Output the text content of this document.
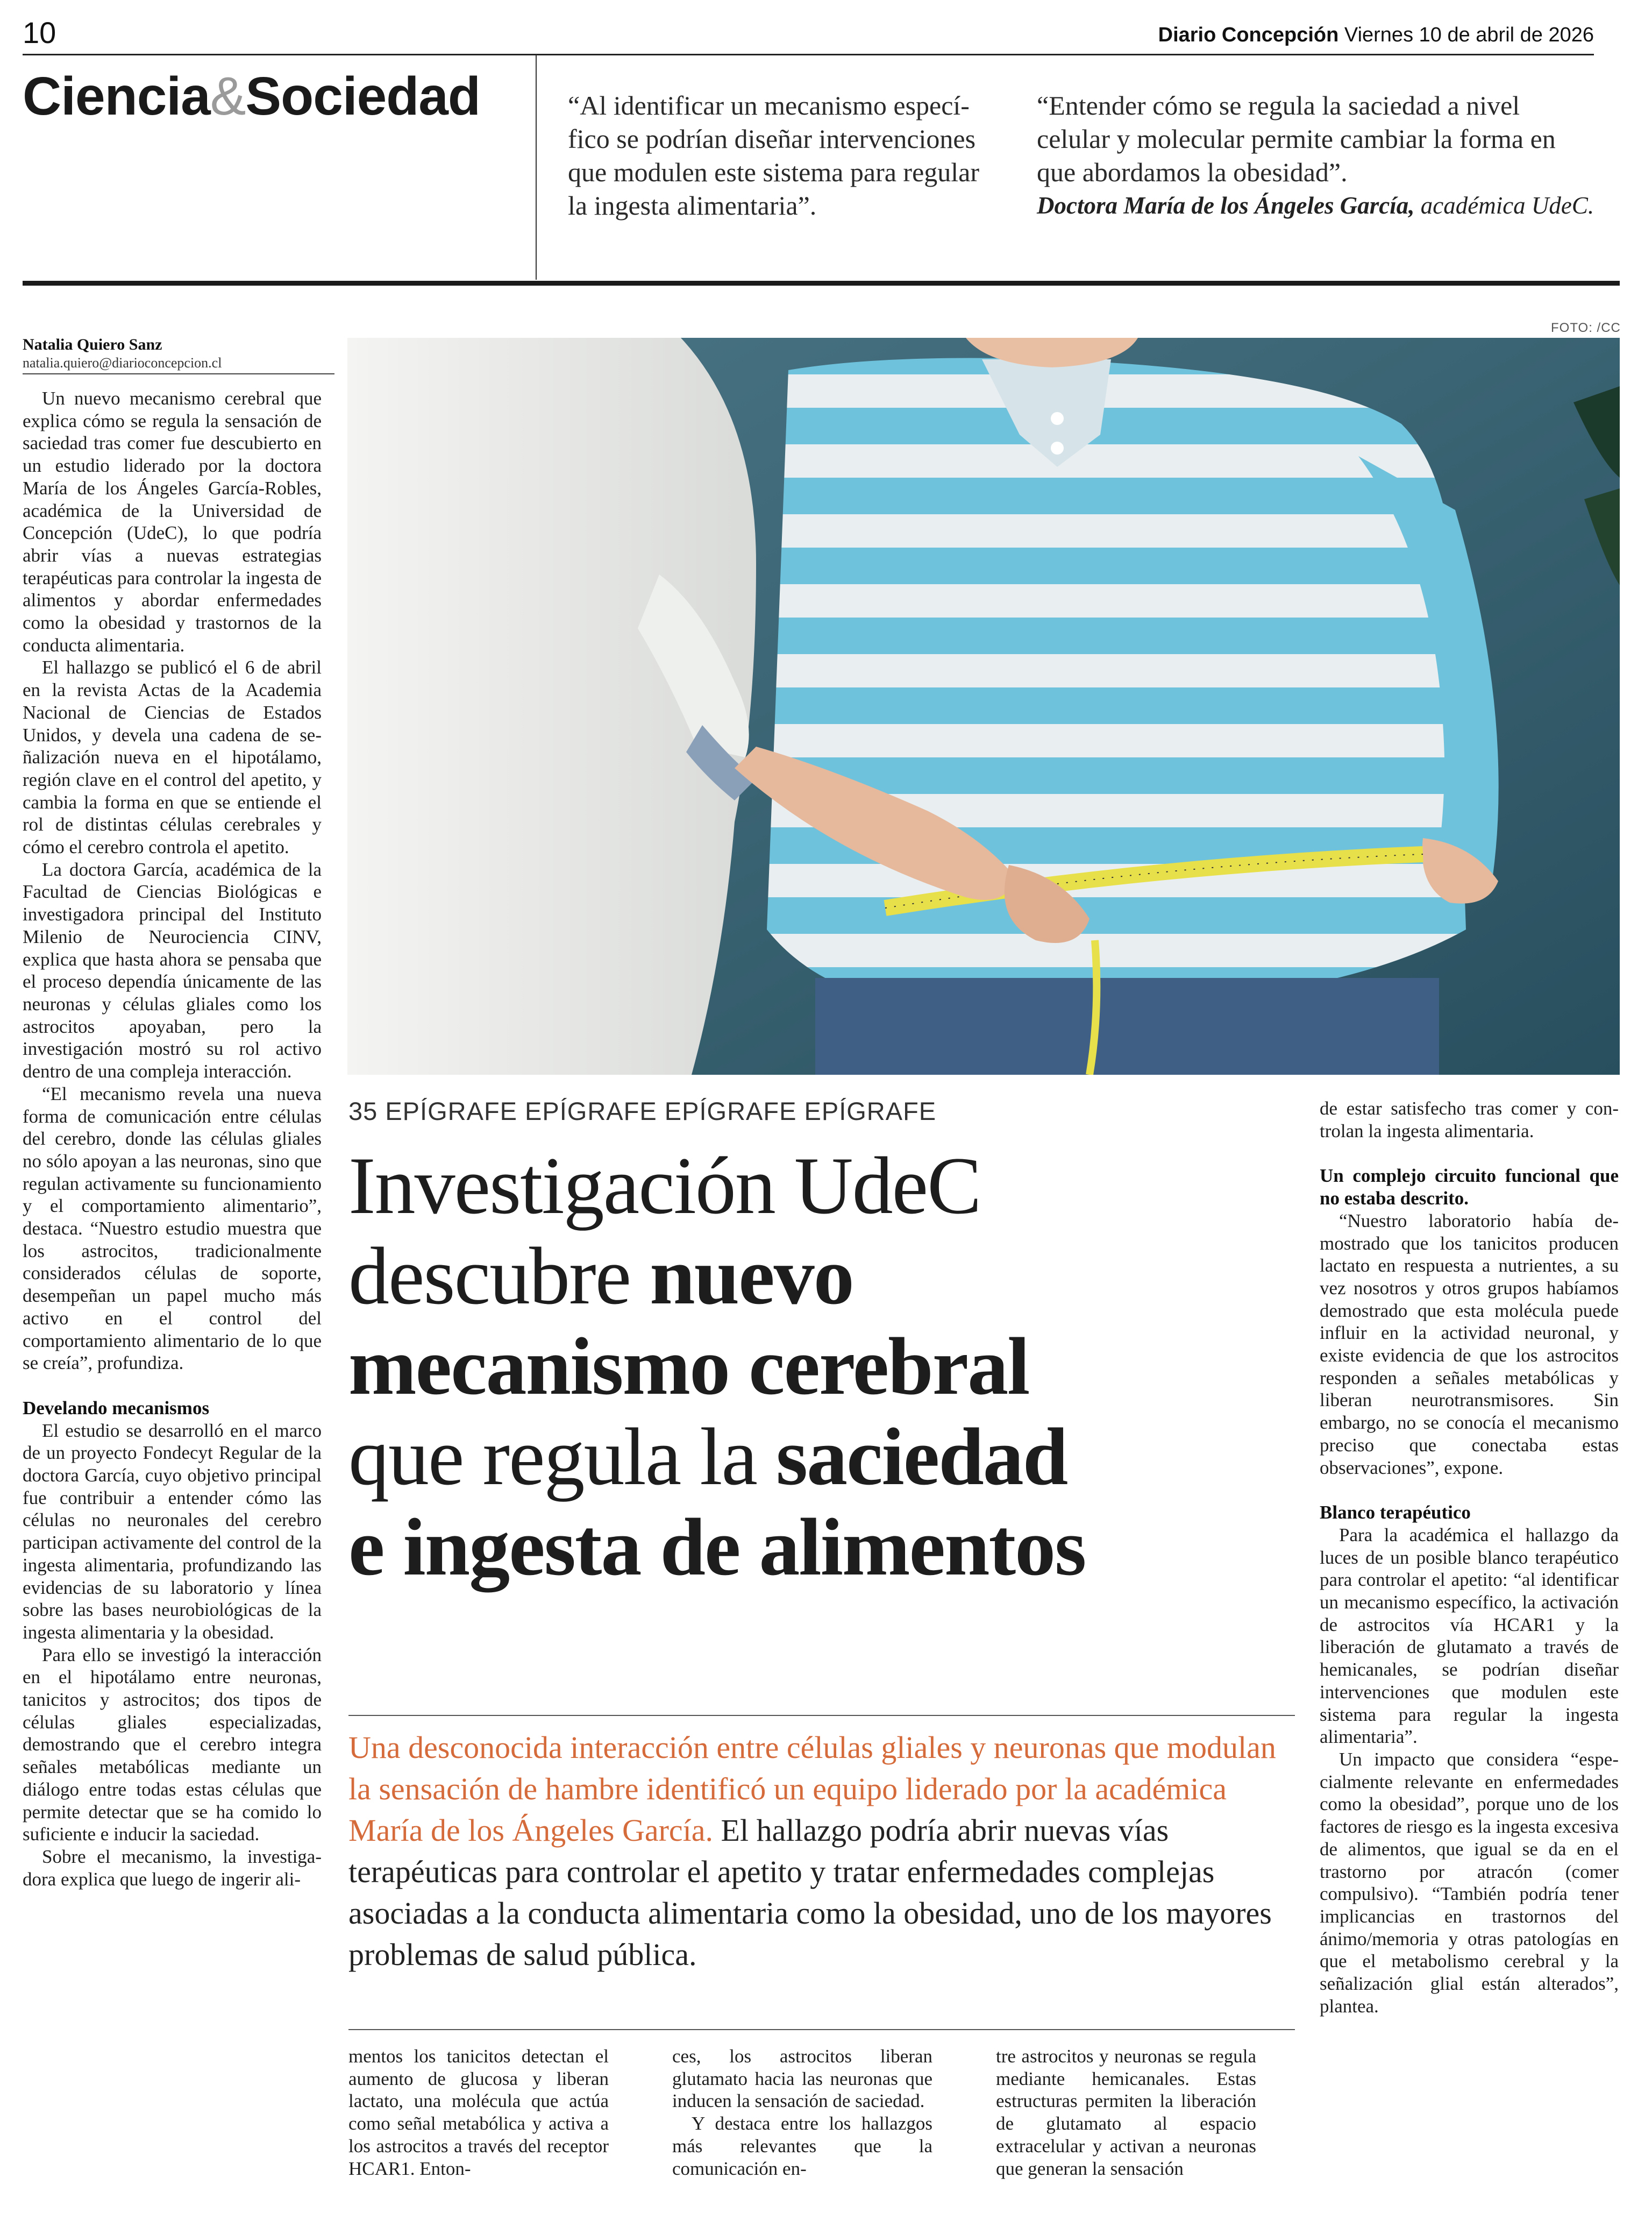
10	Diario Concepción Viernes 10 de abril de 2026
Ciencia&Sociedad	“Al identificar un mecanismo específico se podrían diseñar intervenciones que modulen este sistema para regular la ingesta alimentaria”.
“Entender cómo se regula la saciedad a nivel celular y molecular permite cambiar la forma en que abordamos la obesidad”.
Doctora María de los Ángeles García, académica UdeC.
Natalia Quiero Sanz
natalia.quiero@diarioconcepcion.cl

Un nuevo mecanismo cerebral que explica cómo se regula la sensación de saciedad tras comer fue descubierto en un estudio liderado por la doctora María de los Ángeles García-Robles, académica de la Universidad de Concepción (UdeC), lo que podría abrir vías a nuevas estrategias terapéuticas para controlar la ingesta de alimentos y abordar enfermedades como la obesidad y trastornos de la conducta alimentaria.

El hallazgo se publicó el 6 de abril en la revista Actas de la Academia Nacional de Ciencias de Estados Unidos, y devela una cadena de señalización nueva en el hipotálamo, región clave en el control del apetito, y cambia la forma en que se entiende el rol de distintas células cerebrales y cómo el cerebro controla el apetito.

La doctora García, académica de la Facultad de Ciencias Biológicas e investigadora principal del Instituto Milenio de Neurociencia CINV, explica que hasta ahora se pensaba que el proceso dependía únicamente de las neuronas y células gliales como los astrocitos apoyaban, pero la investigación mostró su rol activo dentro de una compleja interacción.

“El mecanismo revela una nueva forma de comunicación entre células del cerebro, donde las células gliales no sólo apoyan a las neuronas, sino que regulan activamente su funcionamiento y el comportamiento alimentario”, destaca. “Nuestro estudio muestra que los astrocitos, tradicionalmente considerados células de soporte, desempeñan un papel mucho más activo en el control del comportamiento alimentario de lo que se creía”, profundiza.

Develando mecanismos

El estudio se desarrolló en el marco de un proyecto Fondecyt Regular de la doctora García, cuyo objetivo principal fue contribuir a entender cómo las células no neuronales del cerebro participan activamente del control de la ingesta alimentaria, profundizando las evidencias de su laboratorio y línea sobre las bases neurobiológicas de la ingesta alimentaria y la obesidad.

Para ello se investigó la interacción en el hipotálamo entre neuronas, tanicitos y astrocitos; dos tipos de células gliales especializadas, demostrando que el cerebro integra señales metabólicas mediante un diálogo entre todas estas células que permite detectar que se ha comido lo suficiente e inducir la saciedad.

Sobre el mecanismo, la investigadora explica que luego de ingerir ali-

FOTO: /CC
35 EPÍGRAFE EPÍGRAFE EPÍGRAFE EPÍGRAFE
Investigación UdeC
descubre nuevo
mecanismo cerebral
que regula la saciedad
e ingesta de alimentos
Una desconocida interacción entre células gliales y neuronas que modulan la sensación de hambre identificó un equipo liderado por la académica María de los Ángeles García. El hallazgo podría abrir nuevas vías terapéuticas para controlar el apetito y tratar enfermedades complejas asociadas a la conducta alimentaria como la obesidad, uno de los mayores problemas de salud pública.

mentos los tanicitos detectan el aumento de glucosa y liberan lactato, una molécula que actúa como señal metabólica y activa a los astrocitos a través del receptor HCAR1. Enton-

ces, los astrocitos liberan glutamato hacia las neuronas que inducen la sensación de saciedad.

Y destaca entre los hallazgos más relevantes que la comunicación en-

tre astrocitos y neuronas se regula mediante hemicanales. Estas estructuras permiten la liberación de glutamato al espacio extracelular y activan a neuronas que generan la sensación

de estar satisfecho tras comer y controlan la ingesta alimentaria.

Un complejo circuito funcional que no estaba descrito.

“Nuestro laboratorio había demostrado que los tanicitos producen lactato en respuesta a nutrientes, a su vez nosotros y otros grupos habíamos demostrado que esta molécula puede influir en la actividad neuronal, y existe evidencia de que los astrocitos responden a señales metabólicas y liberan neurotransmisores. Sin embargo, no se conocía el mecanismo preciso que conectaba estas observaciones”, expone.

Blanco terapéutico

Para la académica el hallazgo da luces de un posible blanco terapéutico para controlar el apetito: “al identificar un mecanismo específico, la activación de astrocitos vía HCAR1 y la liberación de glutamato a través de hemicanales, se podrían diseñar intervenciones que modulen este sistema para regular la ingesta alimentaria”.

Un impacto que considera “especialmente relevante en enfermedades como la obesidad”, porque uno de los factores de riesgo es la ingesta excesiva de alimentos, que igual se da en el trastorno por atracón (comer compulsivo). “También podría tener implicancias en trastornos del ánimo/memoria y otras patologías en que el metabolismo cerebral y la señalización glial están alterados”, plantea.
